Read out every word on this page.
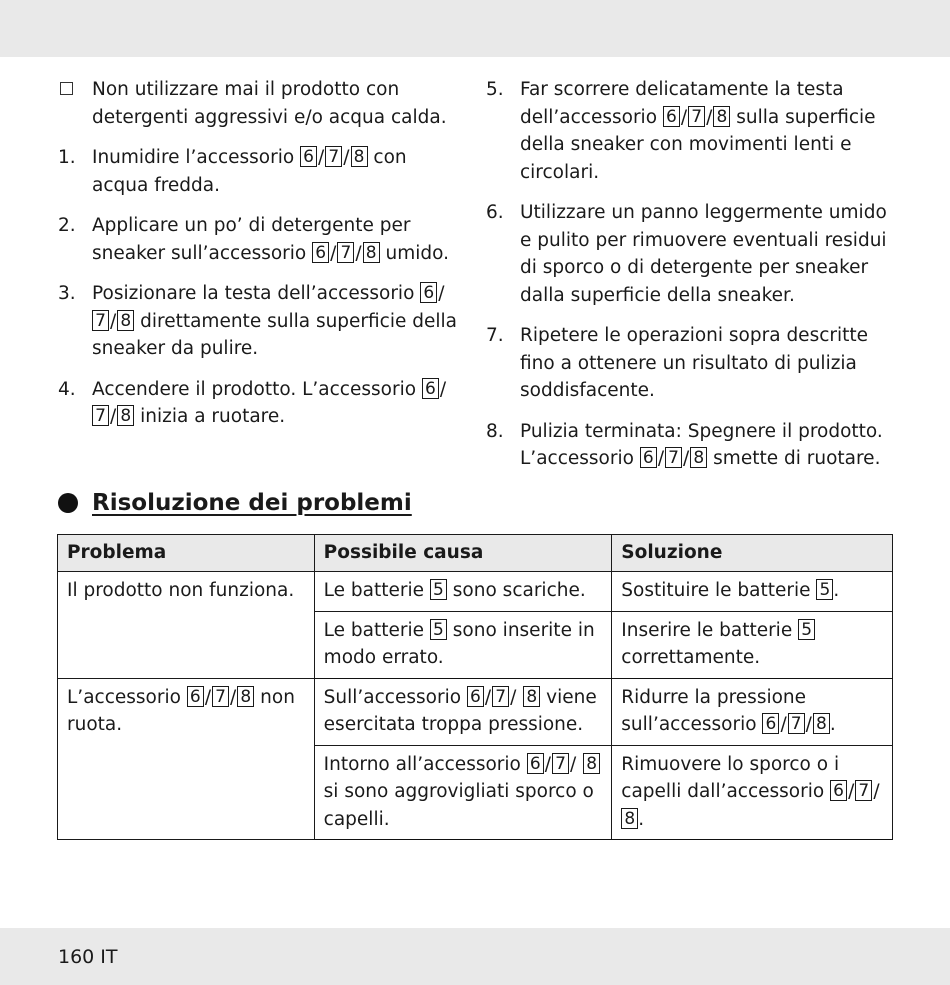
Non utilizzare mai il prodotto con detergenti aggressivi e/o acqua calda.
1. Inumidire l’accessorio 6 / 7 / 8 con acqua fredda.
2. Applicare un po’ di detergente per sneaker sull’accessorio 6 / 7 / 8 umido.
3. Posizionare la testa dell’accessorio 6 /7 / 8 direttamente sulla superficie della sneaker da pulire.
4. Accendere il prodotto. L’accessorio 6 /7 / 8 inizia a ruotare.
5. Far scorrere delicatamente la testa dell’accessorio 6 / 7 / 8 sulla superficie della sneaker con movimenti lenti e circolari.
6. Utilizzare un panno leggermente umido e pulito per rimuovere eventuali residui di sporco o di detergente per sneaker dalla superficie della sneaker.
7. Ripetere le operazioni sopra descritte fino a ottenere un risultato di pulizia soddisfacente.
8. Pulizia terminata: Spegnere il prodotto. L’accessorio 6 / 7 / 8 smette di ruotare.
Risoluzione dei problemi
Problema	Possibile causa	Soluzione
Il prodotto non funziona.	Le batterie 5 sono scariche.	Sostituire le batterie 5 .
	Le batterie 5 sono inserite in modo errato.	Inserire le batterie 5 correttamente.
L’accessorio 6 / 7 / 8 non ruota.	Sull’accessorio 6 / 7 / 8 viene esercitata troppa pressione.	Ridurre la pressione sull’accessorio 6 / 7 / 8 .
	Intorno all’accessorio 6 / 7 / 8 si sono aggrovigliati sporco o capelli.	Rimuovere lo sporco o i capelli dall’accessorio 6 / 7 /8 .
160 IT
